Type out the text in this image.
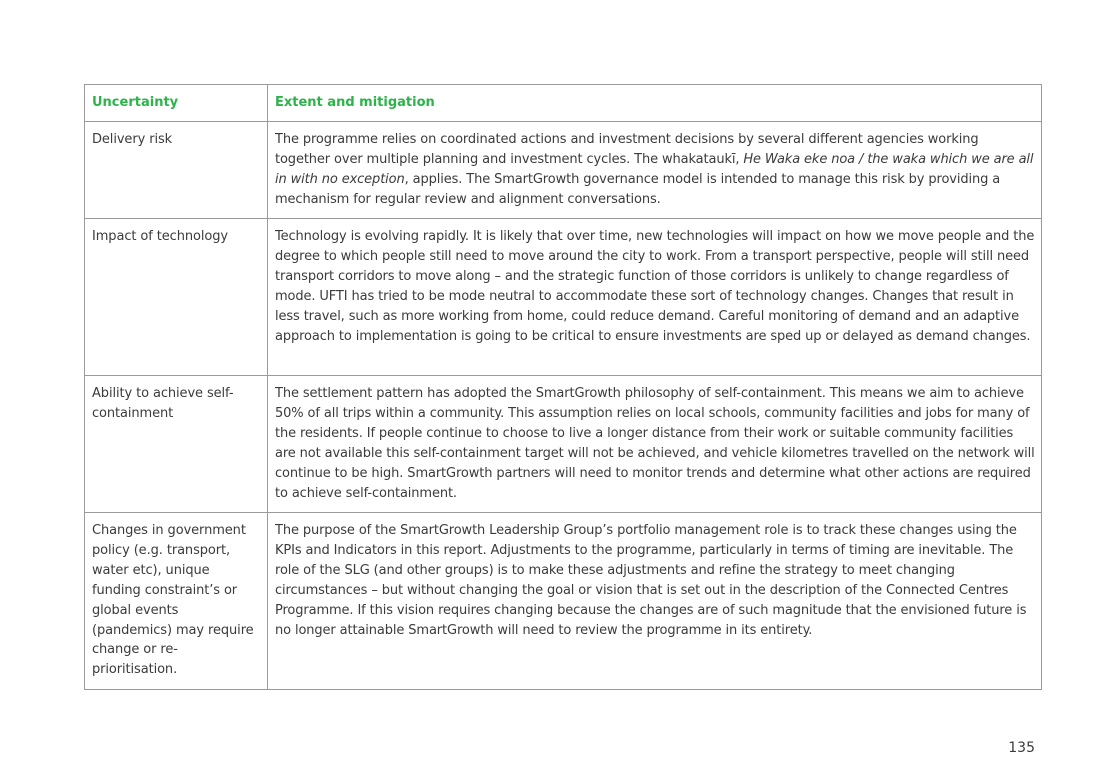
Uncertainty	Extent and mitigation
Delivery risk	The programme relies on coordinated actions and investment decisions by several different agencies working together over multiple planning and investment cycles. The whakataukī, He Waka eke noa / the waka which we are all in with no exception, applies. The SmartGrowth governance model is intended to manage this risk by providing a mechanism for regular review and alignment conversations.
Impact of technology	Technology is evolving rapidly. It is likely that over time, new technologies will impact on how we move people and the degree to which people still need to move around the city to work. From a transport perspective, people will still need transport corridors to move along – and the strategic function of those corridors is unlikely to change regardless of mode. UFTI has tried to be mode neutral to accommodate these sort of technology changes. Changes that result in less travel, such as more working from home, could reduce demand. Careful monitoring of demand and an adaptive approach to implementation is going to be critical to ensure investments are sped up or delayed as demand changes.
Ability to achieve self-containment	The settlement pattern has adopted the SmartGrowth philosophy of self-containment. This means we aim to achieve 50% of all trips within a community. This assumption relies on local schools, community facilities and jobs for many of the residents. If people continue to choose to live a longer distance from their work or suitable community facilities are not available this self-containment target will not be achieved, and vehicle kilometres travelled on the network will continue to be high. SmartGrowth partners will need to monitor trends and determine what other actions are required to achieve self-containment.
Changes in government policy (e.g. transport, water etc), unique funding constraint’s or global events (pandemics) may require change or re-prioritisation.	The purpose of the SmartGrowth Leadership Group’s portfolio management role is to track these changes using the KPIs and Indicators in this report. Adjustments to the programme, particularly in terms of timing are inevitable. The role of the SLG (and other groups) is to make these adjustments and refine the strategy to meet changing circumstances – but without changing the goal or vision that is set out in the description of the Connected Centres Programme. If this vision requires changing because the changes are of such magnitude that the envisioned future is no longer attainable SmartGrowth will need to review the programme in its entirety.
135
